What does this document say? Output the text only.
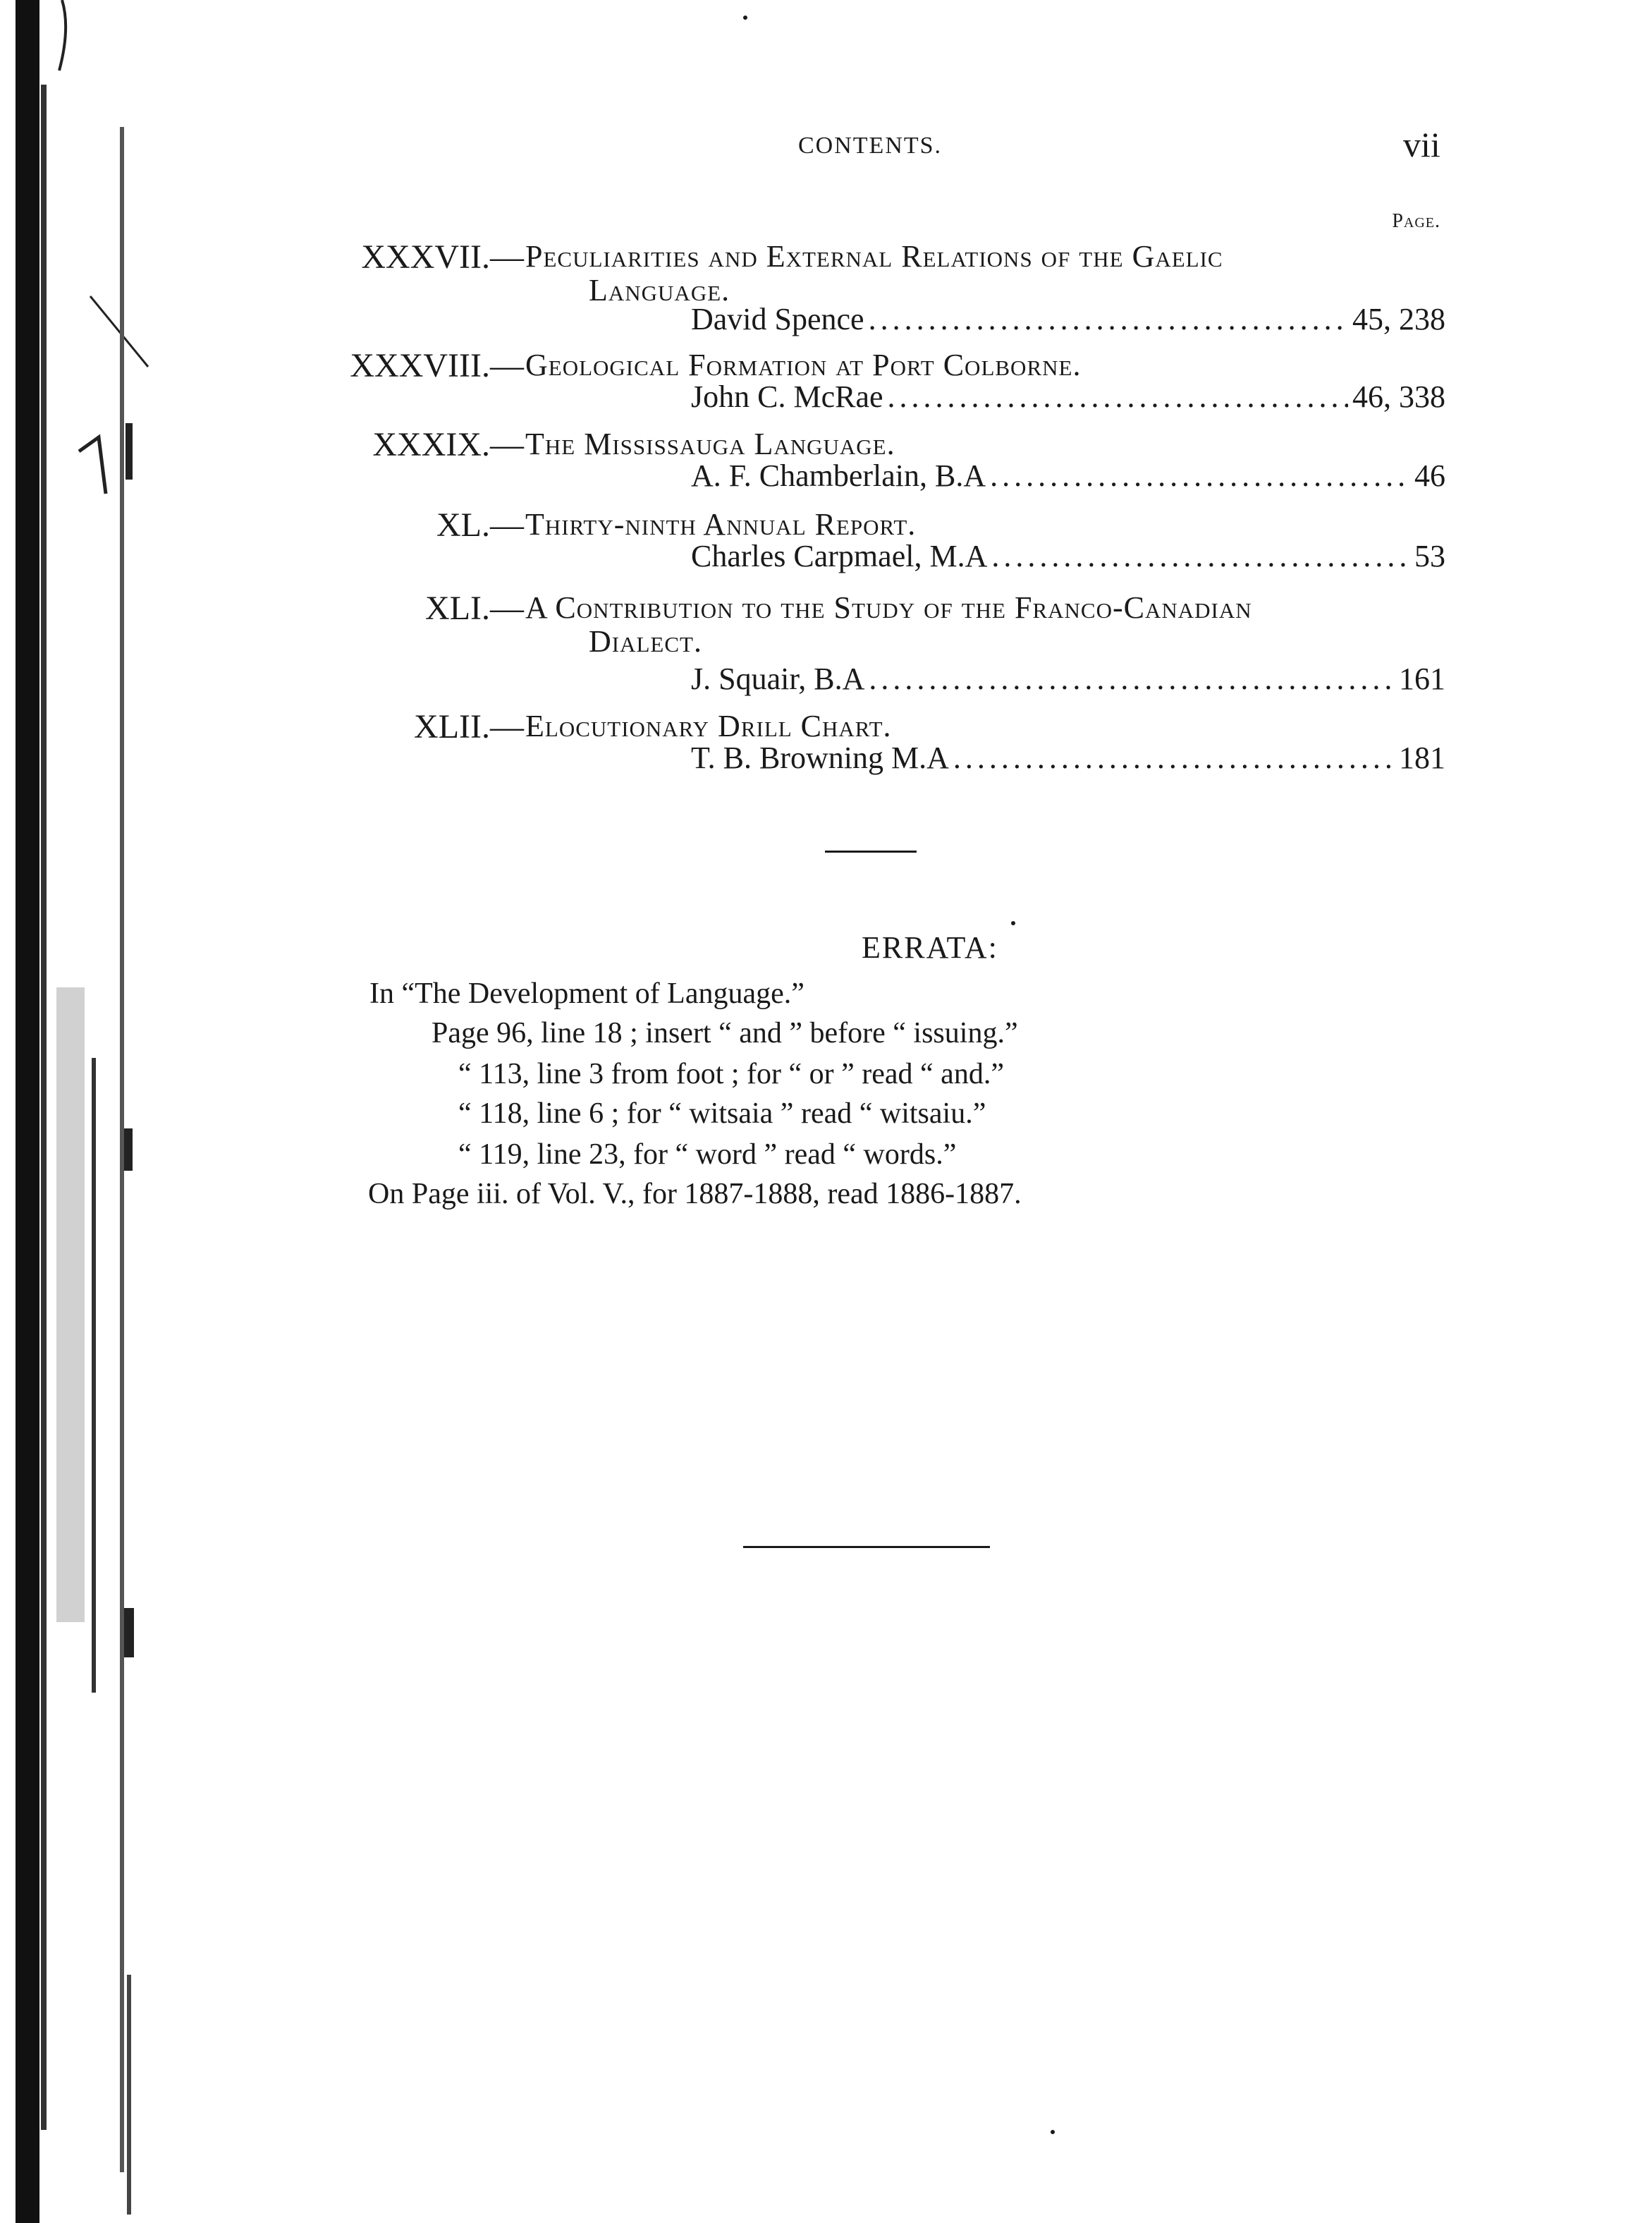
CONTENTS.	vii
Page.
XXXVII.— Peculiarities and External Relations of the Gaelic
Language.
David Spence .....	45, 238
XXXVIII.— Geological Formation at Port Colborne.
John C. McRae .....	46, 338
XXXIX.— The Mississauga Language.
A. F. Chamberlain, B.A .....	46
XL.— Thirty-ninth Annual Report.
Charles Carpmael, M.A .....	53
XLI.— A Contribution to the Study of the Franco-Canadian
Dialect.
J. Squair, B.A .....	161
XLII.— Elocutionary Drill Chart.
T. B. Browning M.A .....	181
ERRATA:
In “The Development of Language.”
Page 96, line 18 ; insert “ and ” before “ issuing.”
“ 113, line 3 from foot ; for “ or ” read “ and.”
“ 118, line 6 ; for “ witsaia ” read “ witsaiu.”
“ 119, line 23, for “ word ” read “ words.”
On Page iii. of Vol. V., for 1887-1888, read 1886-1887.
